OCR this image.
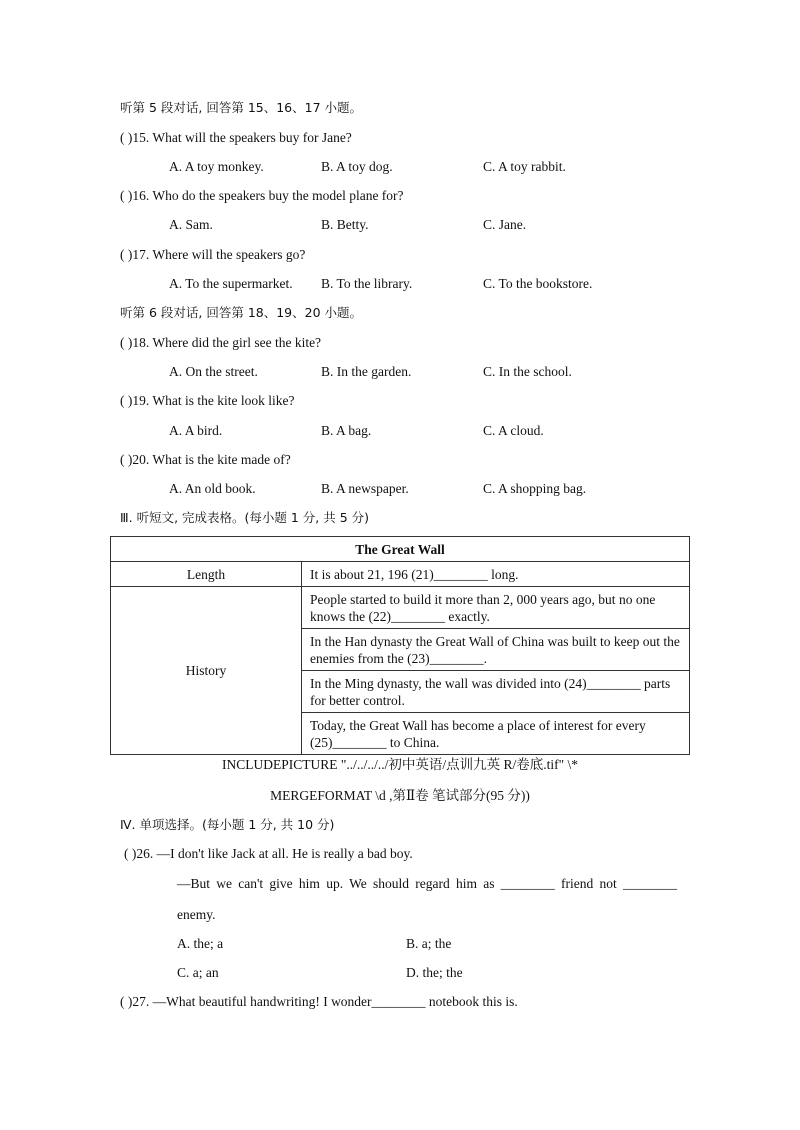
听第 5 段对话, 回答第 15、16、17 小题。
( )15. What will the speakers buy for Jane?
A. A toy monkey.	B. A toy dog.	C. A toy rabbit.
( )16. Who do the speakers buy the model plane for?
A. Sam.	B. Betty.	C. Jane.
( )17. Where will the speakers go?
A. To the supermarket. B. To the library.	C. To the bookstore.
听第 6 段对话, 回答第 18、19、20 小题。
( )18. Where did the girl see the kite?
A. On the street.	B. In the garden.	C. In the school.
( )19. What is the kite look like?
A. A bird.	B. A bag.	C. A cloud.
( )20. What is the kite made of?
A. An old book.	B. A newspaper.	C. A shopping bag.
Ⅲ. 听短文, 完成表格。(每小题 1 分, 共 5 分)
The Great Wall	
Length	It is about 21, 196 (21)________ long.
History	People started to build it more than 2, 000 years ago, but no one knows the (22)________ exactly.
	In the Han dynasty the Great Wall of China was built to keep out the enemies from the (23)________.
	In the Ming dynasty, the wall was divided into (24)________ parts for better control.
	Today, the Great Wall has become a place of interest for every (25)________ to China.
INCLUDEPICTURE "../../../../初中英语/点训九英 R/卷底.tif" \*
MERGEFORMAT \d ,第Ⅱ卷 笔试部分(95 分))
Ⅳ. 单项选择。(每小题 1 分, 共 10 分)
( )26. —I don't like Jack at all. He is really a bad boy.
—But we can't give him up. We should regard him as ________ friend not ________
enemy.
A. the; a	B. a; the
C. a; an	D. the; the
( )27. —What beautiful handwriting! I wonder________ notebook this is.
